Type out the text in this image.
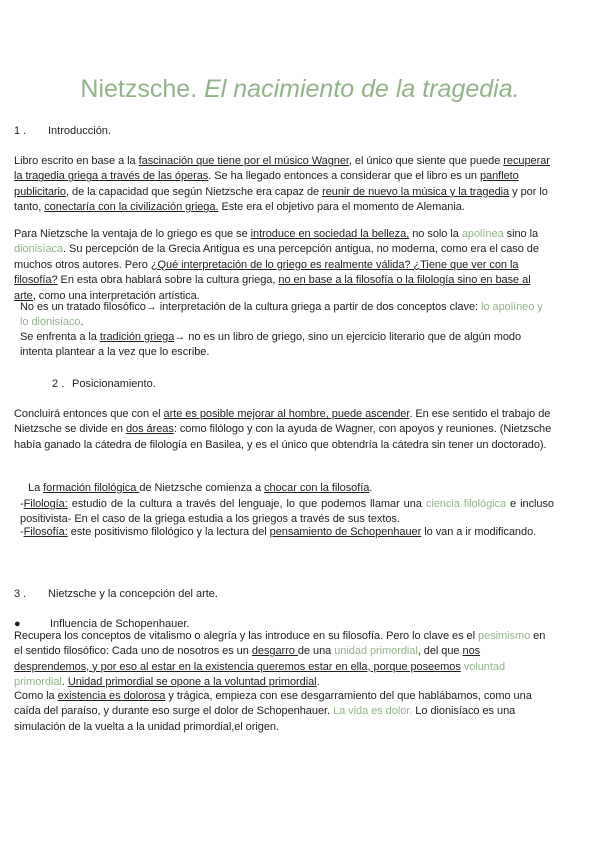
Nietzsche. El nacimiento de la tragedia.
1 . Introducción.

Libro escrito en base a la fascinación que tiene por el músico Wagner, el único que siente que puede recuperar la tragedia griega a través de las óperas. Se ha llegado entonces a considerar que el libro es un panfleto publicitario, de la capacidad que según Nietzsche era capaz de reunir de nuevo la música y la tragedia y por lo tanto, conectaría con la civilización griega. Este era el objetivo para el momento de Alemania.

Para Nietzsche la ventaja de lo griego es que se introduce en sociedad la belleza, no solo la apolínea sino la dionisíaca. Su percepción de la Grecia Antigua es una percepción antigua, no moderna, como era el caso de muchos otros autores. Pero ¿Qué interpretación de lo griego es realmente válida? ¿Tiene que ver con la filosofía? En esta obra hablará sobre la cultura griega, no en base a la filosofía o la filología sino en base al arte, como una interpretación artística.

No es un tratado filosófico→ interpretación de la cultura griega a partir de dos conceptos clave: lo apolíneo y lo dionisíaco.

Se enfrenta a la tradición griega→ no es un libro de griego, sino un ejercicio literario que de algún modo intenta plantear a la vez que lo escribe.

2 . Posicionamiento.

Concluirá entonces que con el arte es posible mejorar al hombre, puede ascender. En ese sentido el trabajo de Nietzsche se divide en dos áreas: como filólogo y con la ayuda de Wagner, con apoyos y reuniones. (Nietzsche había ganado la cátedra de filología en Basilea, y es el único que obtendría la cátedra sin tener un doctorado).

La formación filológica de Nietzsche comienza a chocar con la filosofía.

-Filología: estudio de la cultura a través del lenguaje, lo que podemos llamar una ciencia filológica e incluso positivista- En el caso de la griega estudia a los griegos a través de sus textos.

-Filosofía: este positivismo filológico y la lectura del pensamiento de Schopenhauer lo van a ir modificando.

3 . Nietzsche y la concepción del arte.
●	Influencia de Schopenhauer.

Recupera los conceptos de vitalismo o alegría y las introduce en su filosofía. Pero lo clave es el pesimismo en el sentido filosófico: Cada uno de nosotros es un desgarro de una unidad primordial, del que nos desprendemos, y por eso al estar en la existencia queremos estar en ella, porque poseemos voluntad primordial. Unidad primordial se opone a la voluntad primordial.

Como la existencia es dolorosa y trágica, empieza con ese desgarramiento del que hablábamos, como una caída del paraíso, y durante eso surge el dolor de Schopenhauer. La vida es dolor. Lo dionisíaco es una simulación de la vuelta a la unidad primordial,el origen.
